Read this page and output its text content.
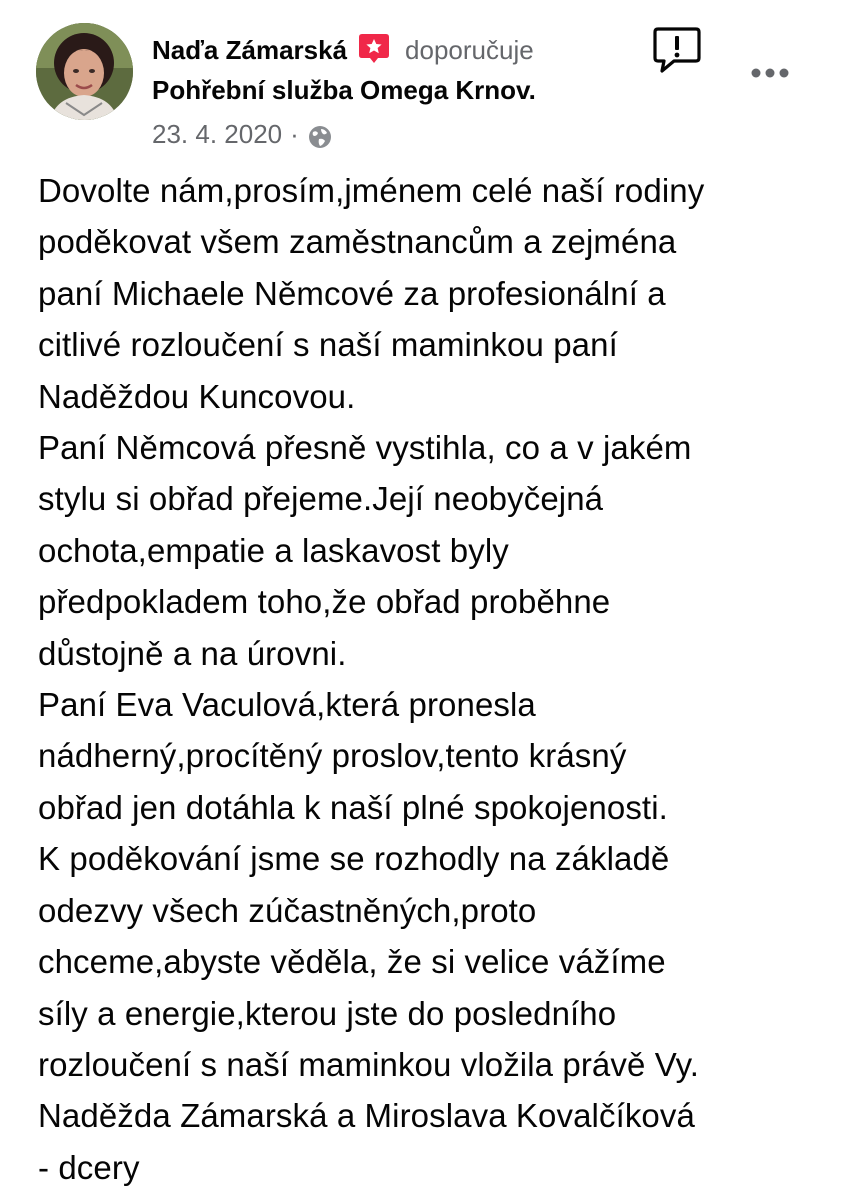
Naďa Zámarská doporučuje
Pohřební služba Omega Krnov.
23. 4. 2020 ·

Dovolte nám,prosím,jménem celé naší rodiny

poděkovat všem zaměstnancům a zejména

paní Michaele Němcové za profesionální a

citlivé rozloučení s naší maminkou paní

Naděždou Kuncovou.

Paní Němcová přesně vystihla, co a v jakém

stylu si obřad přejeme.Její neobyčejná

ochota,empatie a laskavost byly

předpokladem toho,že obřad proběhne

důstojně a na úrovni.

Paní Eva Vaculová,která pronesla

nádherný,procítěný proslov,tento krásný

obřad jen dotáhla k naší plné spokojenosti.

K poděkování jsme se rozhodly na základě

odezvy všech zúčastněných,proto

chceme,abyste věděla, že si velice vážíme

síly a energie,kterou jste do posledního

rozloučení s naší maminkou vložila právě Vy.

Naděžda Zámarská a Miroslava Kovalčíková

- dcery
